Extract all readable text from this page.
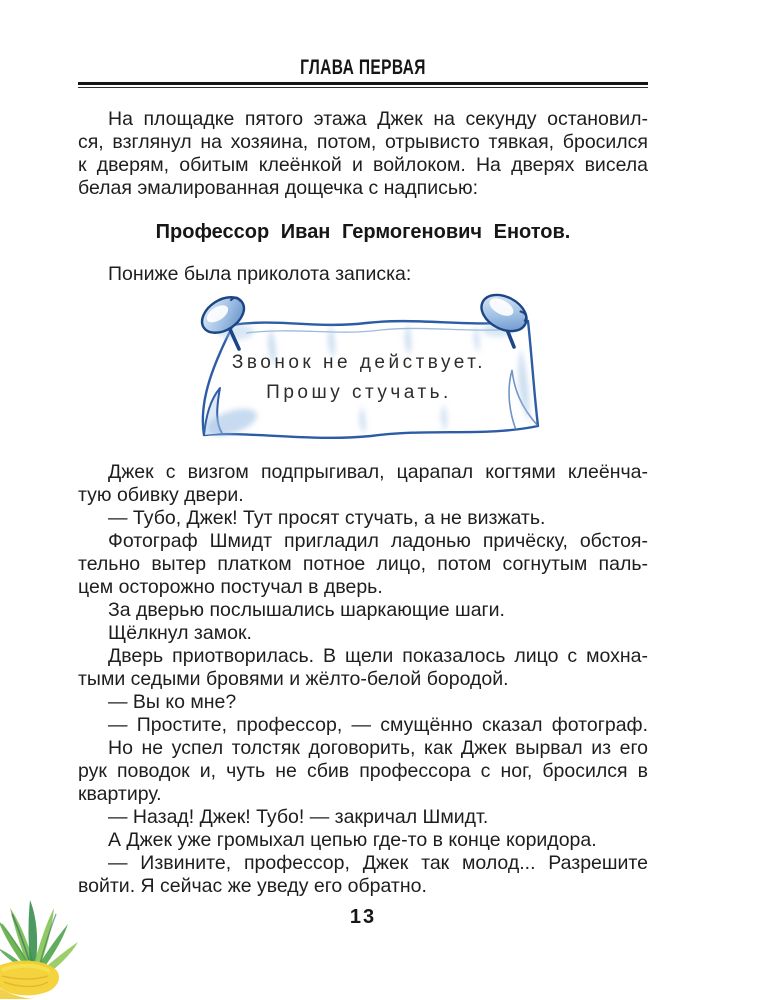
ГЛАВА ПЕРВАЯ
На площадке пятого этажа Джек на секунду остановил-
ся, взглянул на хозяина, потом, отрывисто тявкая, бросился
к дверям, обитым клеёнкой и войлоком. На дверях висела
белая эмалированная дощечка с надписью:
Профессор Иван Гермогенович Енотов.
Пониже была приколота записка:
Звонок не действует.
Прошу стучать.
Джек с визгом подпрыгивал, царапал когтями клеёнча-
тую обивку двери.
— Тубо, Джек! Тут просят стучать, а не визжать.
Фотограф Шмидт пригладил ладонью причёску, обстоя-
тельно вытер платком потное лицо, потом согнутым паль-
цем осторожно постучал в дверь.
За дверью послышались шаркающие шаги.
Щёлкнул замок.
Дверь приотворилась. В щели показалось лицо с мохна-
тыми седыми бровями и жёлто-белой бородой.
— Вы ко мне?
— Простите, профессор, — смущённо сказал фотограф.
Но не успел толстяк договорить, как Джек вырвал из его
рук поводок и, чуть не сбив профессора с ног, бросился в
квартиру.
— Назад! Джек! Тубо! — закричал Шмидт.
А Джек уже громыхал цепью где-то в конце коридора.
— Извините, профессор, Джек так молод... Разрешите
войти. Я сейчас же уведу его обратно.
13
